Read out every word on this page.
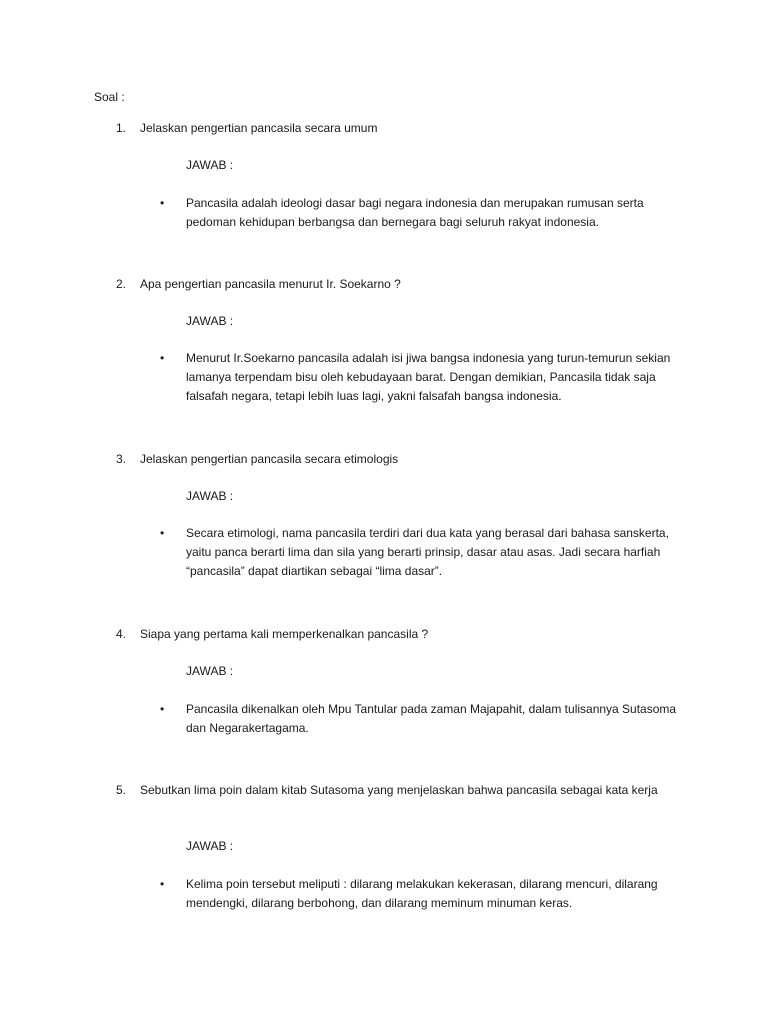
Soal :
1.	Jelaskan pengertian pancasila secara umum
JAWAB :
• Pancasila adalah ideologi dasar bagi negara indonesia dan merupakan rumusan serta pedoman kehidupan berbangsa dan bernegara bagi seluruh rakyat indonesia.
2.	Apa pengertian pancasila menurut Ir. Soekarno ?
JAWAB :
• Menurut Ir.Soekarno pancasila adalah isi jiwa bangsa indonesia yang turun-temurun sekian lamanya terpendam bisu oleh kebudayaan barat. Dengan demikian, Pancasila tidak saja falsafah negara, tetapi lebih luas lagi, yakni falsafah bangsa indonesia.
3.	Jelaskan pengertian pancasila secara etimologis
JAWAB :
• Secara etimologi, nama pancasila terdiri dari dua kata yang berasal dari bahasa sanskerta, yaitu panca berarti lima dan sila yang berarti prinsip, dasar atau asas. Jadi secara harfiah “pancasila” dapat diartikan sebagai “lima dasar”.
4.	Siapa yang pertama kali memperkenalkan pancasila ?
JAWAB :
• Pancasila dikenalkan oleh Mpu Tantular pada zaman Majapahit, dalam tulisannya Sutasoma dan Negarakertagama.
5.	Sebutkan lima poin dalam kitab Sutasoma yang menjelaskan bahwa pancasila sebagai kata kerja
JAWAB :
• Kelima poin tersebut meliputi : dilarang melakukan kekerasan, dilarang mencuri, dilarang mendengki, dilarang berbohong, dan dilarang meminum minuman keras.
